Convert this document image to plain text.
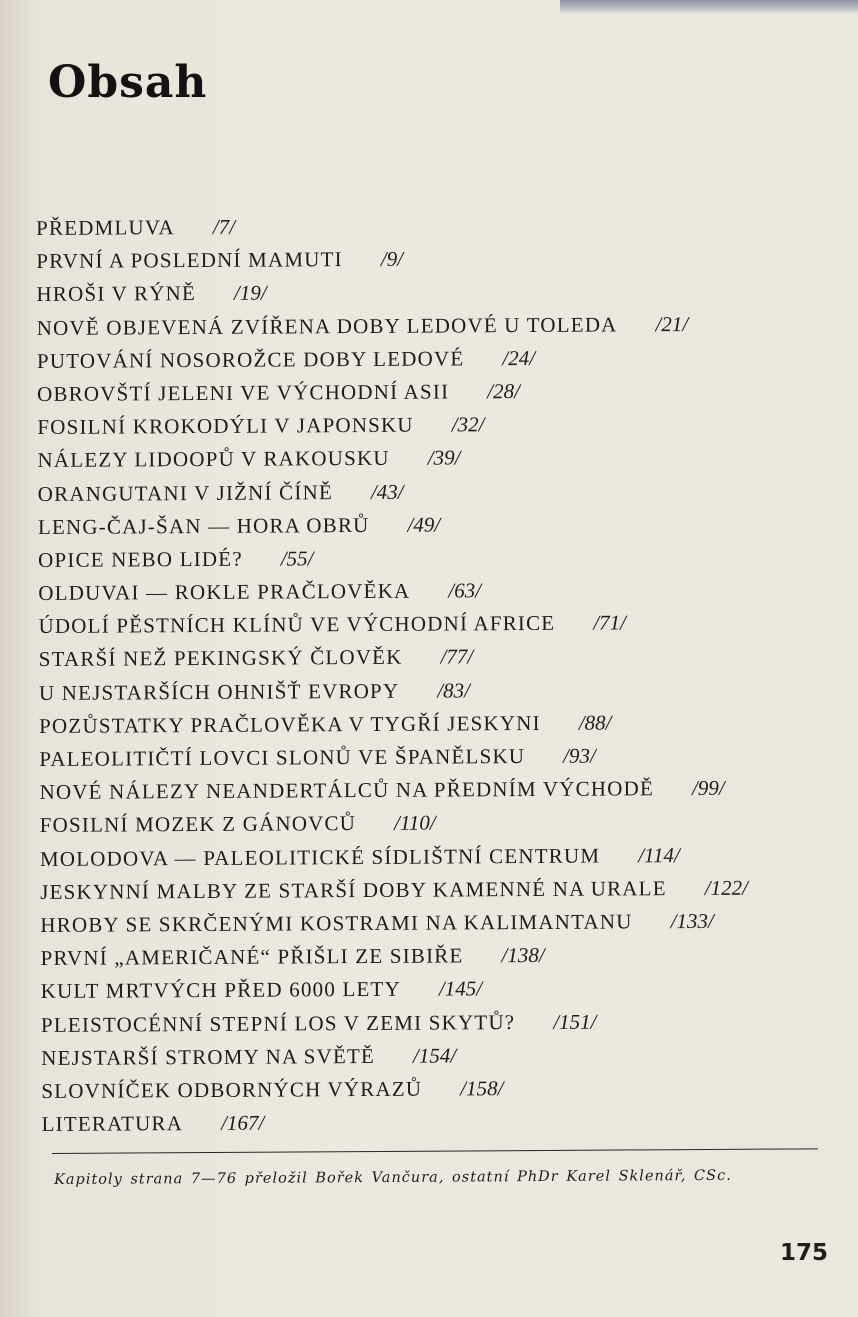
Obsah
PŘEDMLUVA /7/
PRVNÍ A POSLEDNÍ MAMUTI /9/
HROŠI V RÝNĚ /19/
NOVĚ OBJEVENÁ ZVÍŘENA DOBY LEDOVÉ U TOLEDA /21/
PUTOVÁNÍ NOSOROŽCE DOBY LEDOVÉ /24/
OBROVŠTÍ JELENI VE VÝCHODNÍ ASII /28/
FOSILNÍ KROKODÝLI V JAPONSKU /32/
NÁLEZY LIDOOPŮ V RAKOUSKU /39/
ORANGUTANI V JIŽNÍ ČÍNĚ /43/
LENG-ČAJ-ŠAN — HORA OBRŮ /49/
OPICE NEBO LIDÉ? /55/
OLDUVAI — ROKLE PRAČLOVĚKA /63/
ÚDOLÍ PĚSTNÍCH KLÍNŮ VE VÝCHODNÍ AFRICE /71/
STARŠÍ NEŽ PEKINGSKÝ ČLOVĚK /77/
U NEJSTARŠÍCH OHNIŠŤ EVROPY /83/
POZŮSTATKY PRAČLOVĚKA V TYGŘÍ JESKYNI /88/
PALEOLITIČTÍ LOVCI SLONŮ VE ŠPANĚLSKU /93/
NOVÉ NÁLEZY NEANDERTÁLCŮ NA PŘEDNÍM VÝCHODĚ /99/
FOSILNÍ MOZEK Z GÁNOVCŮ /110/
MOLODOVA — PALEOLITICKÉ SÍDLIŠTNÍ CENTRUM /114/
JESKYNNÍ MALBY ZE STARŠÍ DOBY KAMENNÉ NA URALE /122/
HROBY SE SKRČENÝMI KOSTRAMI NA KALIMANTANU /133/
PRVNÍ „AMERIČANÉ“ PŘIŠLI ZE SIBIŘE /138/
KULT MRTVÝCH PŘED 6000 LETY /145/
PLEISTOCÉNNÍ STEPNÍ LOS V ZEMI SKYTŮ? /151/
NEJSTARŠÍ STROMY NA SVĚTĚ /154/
SLOVNÍČEK ODBORNÝCH VÝRAZŮ /158/
LITERATURA /167/
Kapitoly strana 7—76 přeložil Bořek Vančura, ostatní PhDr Karel Sklenář, CSc.
175
